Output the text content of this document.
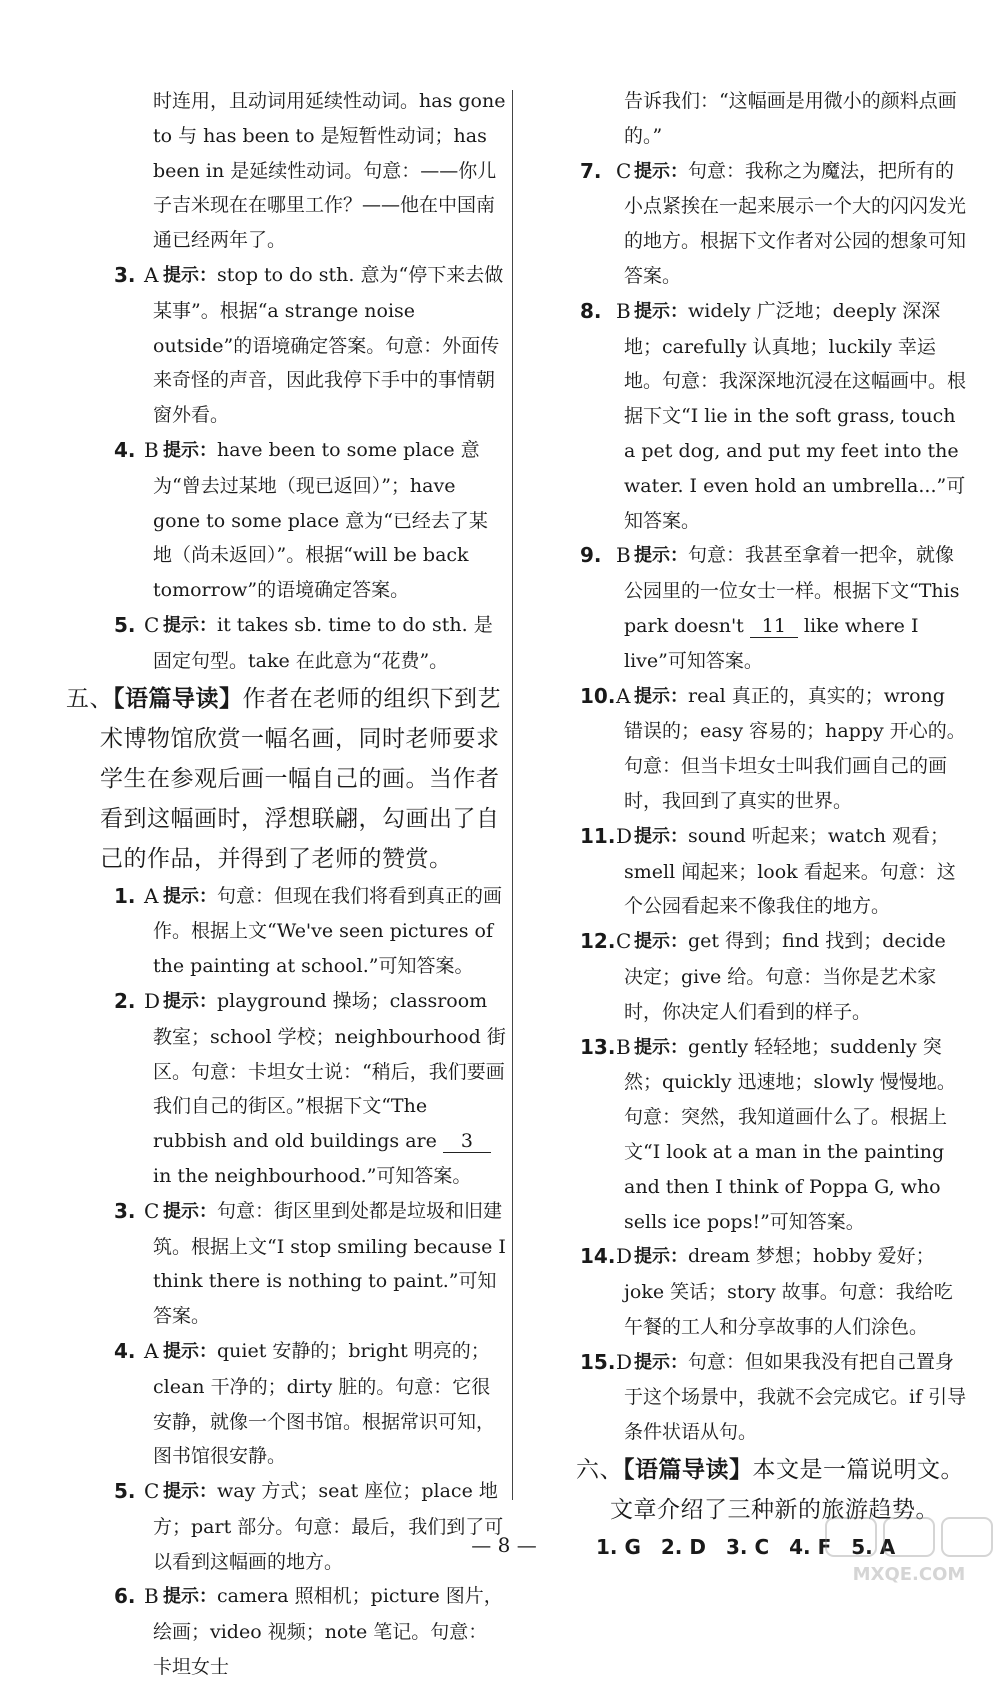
时连用，且动词用延续性动词。has gone to 与 has been to 是短暂性动词；has been in 是延续性动词。句意：——你儿子吉米现在在哪里工作？——他在中国南通已经两年了。
3. A 提示：stop to do sth. 意为“停下来去做某事”。根据“a strange noise outside”的语境确定答案。句意：外面传来奇怪的声音，因此我停下手中的事情朝窗外看。
4. B 提示：have been to some place 意为“曾去过某地（现已返回）”；have gone to some place 意为“已经去了某地（尚未返回）”。根据“will be back tomorrow”的语境确定答案。
5. C 提示：it takes sb. time to do sth. 是固定句型。take 在此意为“花费”。
五、【语篇导读】作者在老师的组织下到艺术博物馆欣赏一幅名画，同时老师要求学生在参观后画一幅自己的画。当作者看到这幅画时，浮想联翩，勾画出了自己的作品，并得到了老师的赞赏。
1. A 提示：句意：但现在我们将看到真正的画作。根据上文“We've seen pictures of the painting at school.”可知答案。
2. D 提示：playground 操场；classroom 教室；school 学校；neighbourhood 街区。句意：卡坦女士说：“稍后，我们要画我们自己的街区。”根据下文“The rubbish and old buildings are 3 in the neighbourhood.”可知答案。
3. C 提示：句意：街区里到处都是垃圾和旧建筑。根据上文“I stop smiling because I think there is nothing to paint.”可知答案。
4. A 提示：quiet 安静的；bright 明亮的；clean 干净的；dirty 脏的。句意：它很安静，就像一个图书馆。根据常识可知，图书馆很安静。
5. C 提示：way 方式；seat 座位；place 地方；part 部分。句意：最后，我们到了可以看到这幅画的地方。
6. B 提示：camera 照相机；picture 图片，绘画；video 视频；note 笔记。句意：卡坦女士
告诉我们：“这幅画是用微小的颜料点画的。”
7. C 提示：句意：我称之为魔法，把所有的小点紧挨在一起来展示一个大的闪闪发光的地方。根据下文作者对公园的想象可知答案。
8. B 提示：widely 广泛地；deeply 深深地；carefully 认真地；luckily 幸运地。句意：我深深地沉浸在这幅画中。根据下文“I lie in the soft grass, touch a pet dog, and put my feet into the water. I even hold an umbrella...”可知答案。
9. B 提示：句意：我甚至拿着一把伞，就像公园里的一位女士一样。根据下文“This park doesn't 11 like where I live”可知答案。
10. A 提示：real 真正的，真实的；wrong 错误的；easy 容易的；happy 开心的。句意：但当卡坦女士叫我们画自己的画时，我回到了真实的世界。
11. D 提示：sound 听起来；watch 观看；smell 闻起来；look 看起来。句意：这个公园看起来不像我住的地方。
12. C 提示：get 得到；find 找到；decide 决定；give 给。句意：当你是艺术家时，你决定人们看到的样子。
13. B 提示：gently 轻轻地；suddenly 突然；quickly 迅速地；slowly 慢慢地。句意：突然，我知道画什么了。根据上文“I look at a man in the painting and then I think of Poppa G, who sells ice pops!”可知答案。
14. D 提示：dream 梦想；hobby 爱好；joke 笑话；story 故事。句意：我给吃午餐的工人和分享故事的人们涂色。
15. D 提示：句意：但如果我没有把自己置身于这个场景中，我就不会完成它。if 引导条件状语从句。
六、【语篇导读】本文是一篇说明文。文章介绍了三种新的旅游趋势。
1. G　2. D　3. C　4. F　5. A
— 8 —
MXQE.COM
